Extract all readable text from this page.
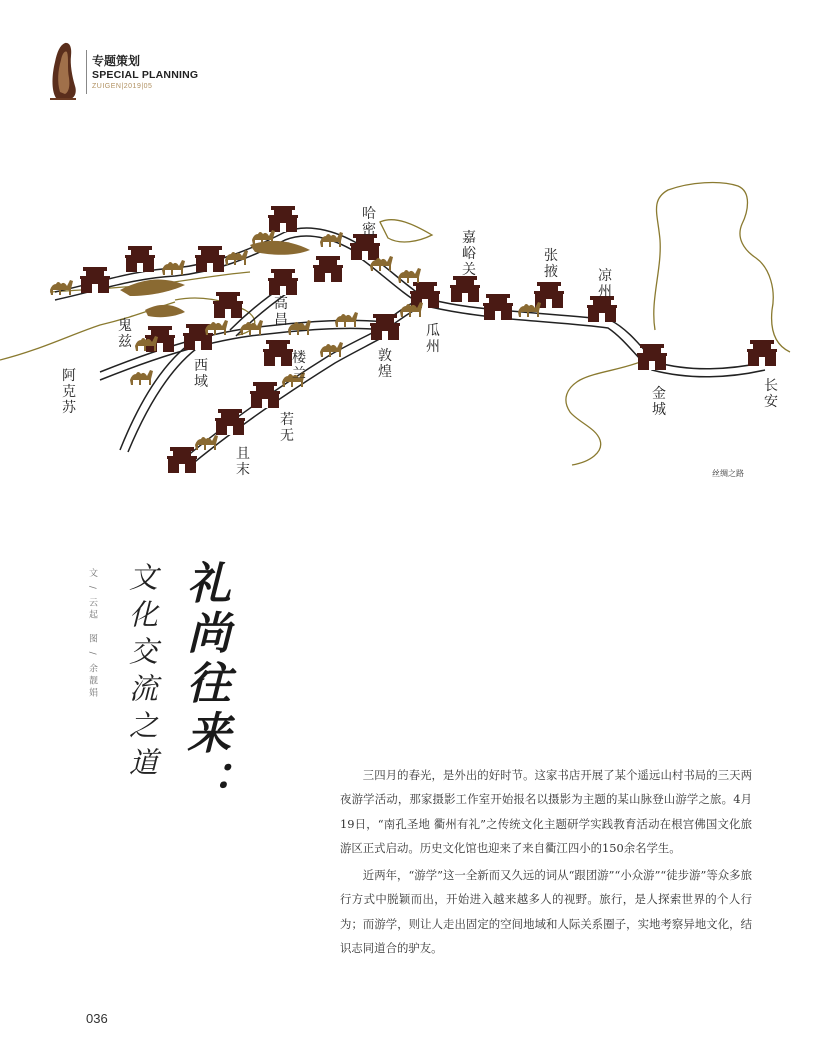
专题策划
SPECIAL PLANNING
ZUIGEN|2019|05
哈密	嘉峪关
张掖	凉州
高昌
瓜州
鬼兹
阿克苏
西域
楼兰
敦煌
若无
且末
金城
长安
丝绸之路
文 / 云起　图 / 余靓娟 文化交流之道 礼尚往来：	三四月的春光，是外出的好时节。这家书店开展了某个遥远山村书局的三天两夜游学活动，那家摄影工作室开始报名以摄影为主题的某山脉登山游学之旅。4月19日，“南孔圣地 衢州有礼”之传统文化主题研学实践教育活动在根宫佛国文化旅游区正式启动。历史文化馆也迎来了来自衢江四小的150余名学生。

近两年，“游学”这一全新而又久远的词从“跟团游”“小众游”“徒步游”等众多旅行方式中脱颖而出，开始进入越来越多人的视野。旅行，是人探索世界的个人行为；而游学，则让人走出固定的空间地域和人际关系圈子，实地考察异地文化，结识志同道合的驴友。

036
